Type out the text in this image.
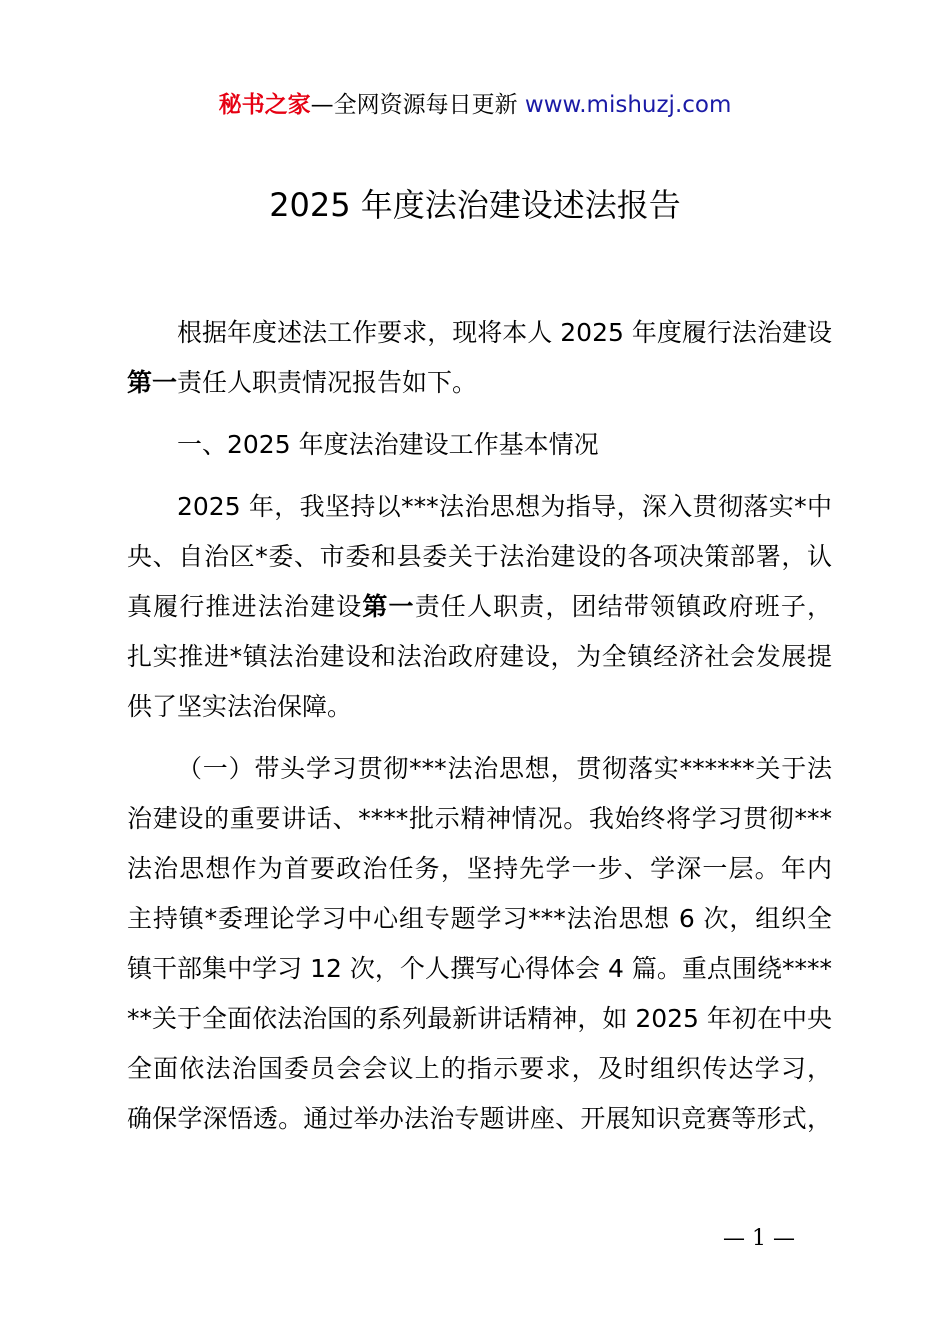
秘书之家—全网资源每日更新 www.mishuzj.com
2025 年度法治建设述法报告
根据年度述法工作要求，现将本人 2025 年度履行法治建设
第一责任人职责情况报告如下。
一、2025 年度法治建设工作基本情况
2025 年，我坚持以***法治思想为指导，深入贯彻落实*中
央、自治区*委、市委和县委关于法治建设的各项决策部署，认
真履行推进法治建设第一责任人职责，团结带领镇政府班子，
扎实推进*镇法治建设和法治政府建设，为全镇经济社会发展提
供了坚实法治保障。
（一）带头学习贯彻***法治思想，贯彻落实******关于法
治建设的重要讲话、****批示精神情况。我始终将学习贯彻***
法治思想作为首要政治任务，坚持先学一步、学深一层。年内
主持镇*委理论学习中心组专题学习***法治思想 6 次，组织全
镇干部集中学习 12 次，个人撰写心得体会 4 篇。重点围绕****
**关于全面依法治国的系列最新讲话精神，如 2025 年初在中央
全面依法治国委员会会议上的指示要求，及时组织传达学习，
确保学深悟透。通过举办法治专题讲座、开展知识竞赛等形式，
— 1 —
